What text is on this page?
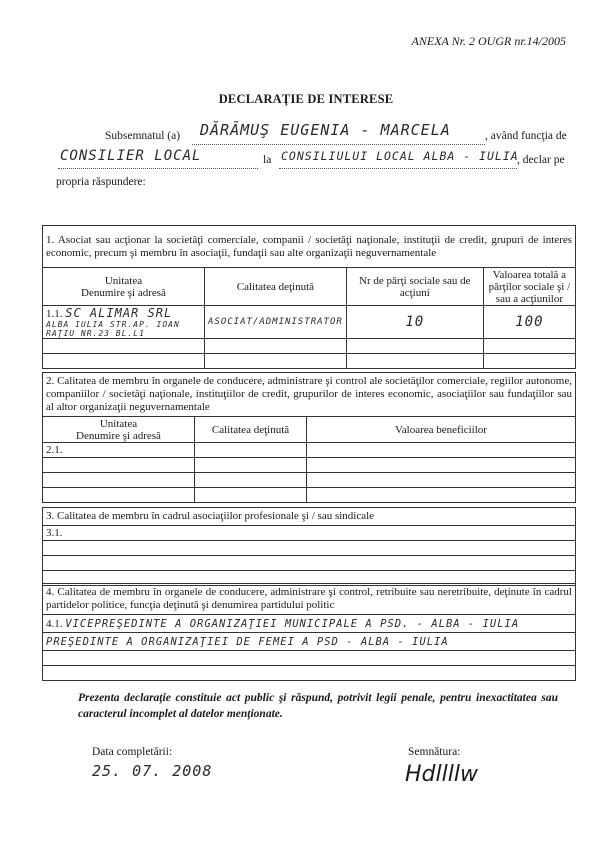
ANEXA Nr. 2 OUGR nr.14/2005
DECLARAŢIE DE INTERESE
Subsemnatul (a) DĂRĂMUŞ EUGENIA - MARCELA	, având funcţia de
CONSILIER LOCAL	la CONSILIULUI LOCAL ALBA - IULIA
, declar pe
propria răspundere:
1. Asociat sau acţionar la societăţi comerciale, companii / societăţi naţionale, instituţii de credit, grupuri de interes economic, precum şi membru în asociaţii, fundaţii sau alte organizaţii neguvernamentale			
Unitatea
Denumire şi adresă	Calitatea deţinută	Nr de părţi sociale sau de acţiuni	Valoarea totală a părţilor sociale şi / sau a acţiunilor
1.1. SC ALIMAR SRL
ALBA IULIA STR.AP. IOAN RAŢIU NR.23 BL.L1	ASOCIAT/ADMINISTRATOR	10	100

2. Calitatea de membru în organele de conducere, administrare şi control ale societăţilor comerciale, regiilor autonome, companiilor / societăţi naţionale, instituţiilor de credit, grupurilor de interes economic, asociaţiilor sau fundaţiilor sau al altor organizaţii neguvernamentale		
Unitatea
Denumire şi adresă	Calitatea deţinută	Valoarea beneficiilor
2.1.		

3. Calitatea de membru în cadrul asociaţiilor profesionale şi / sau sindicale
3.1.

4. Calitatea de membru în organele de conducere, administrare şi control, retribuite sau neretribuite, deţinute în cadrul partidelor politice, funcţia deţinută şi denumirea partidului politic
4.1. VICEPREŞEDINTE A ORGANIZAŢIEI MUNICIPALE A PSD. - ALBA - IULIA
PREŞEDINTE A ORGANIZAŢIEI DE FEMEI A PSD - ALBA - IULIA

Prezenta declaraţie constituie act public şi răspund, potrivit legii penale, pentru inexactitatea sau caracterul incomplet al datelor menţionate.
Data completării:
25. 07. 2008
Semnătura:
Hdllllw
